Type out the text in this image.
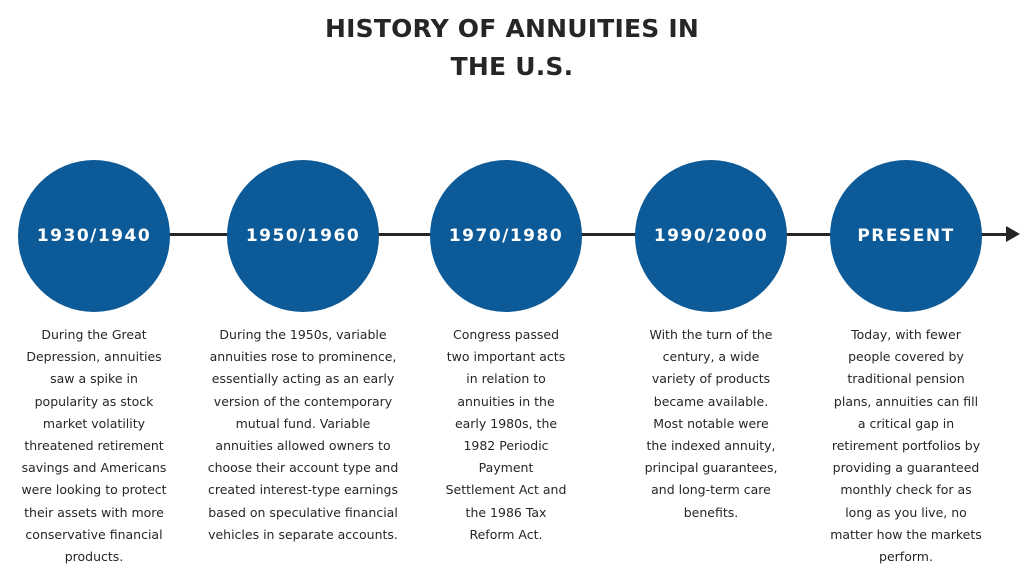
HISTORY OF ANNUITIES IN
THE U.S.
1930/1940
During the Great
Depression, annuities
saw a spike in
popularity as stock
market volatility
threatened retirement
savings and Americans
were looking to protect
their assets with more
conservative financial
products.
1950/1960
During the 1950s, variable
annuities rose to prominence,
essentially acting as an early
version of the contemporary
mutual fund. Variable
annuities allowed owners to
choose their account type and
created interest-type earnings
based on speculative financial
vehicles in separate accounts.
1970/1980
Congress passed
two important acts
in relation to
annuities in the
early 1980s, the
1982 Periodic
Payment
Settlement Act and
the 1986 Tax
Reform Act.
1990/2000
With the turn of the
century, a wide
variety of products
became available.
Most notable were
the indexed annuity,
principal guarantees,
and long-term care
benefits.
PRESENT
Today, with fewer
people covered by
traditional pension
plans, annuities can fill
a critical gap in
retirement portfolios by
providing a guaranteed
monthly check for as
long as you live, no
matter how the markets
perform.
